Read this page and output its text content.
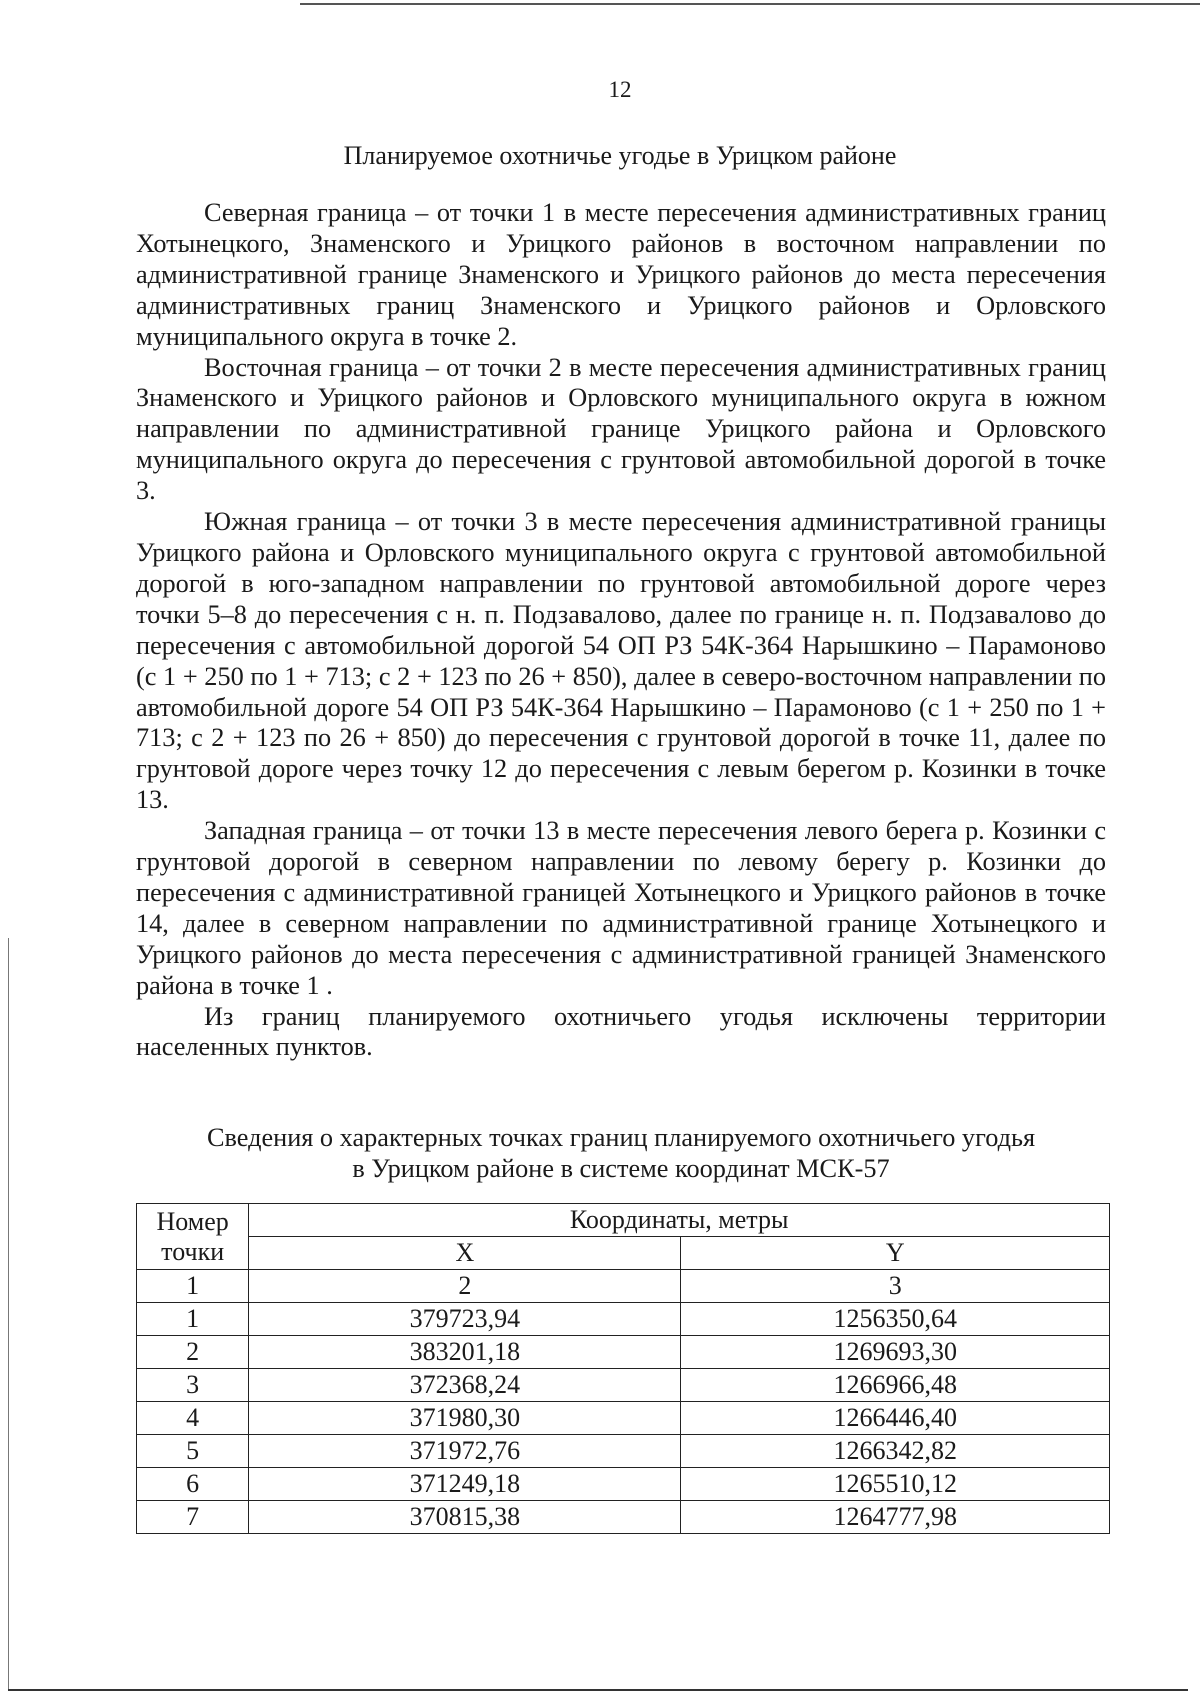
12
Планируемое охотничье угодье в Урицком районе

Северная граница – от точки 1 в месте пересечения административных границ Хотынецкого, Знаменского и Урицкого районов в восточном направлении по административной границе Знаменского и Урицкого районов до места пересечения административных границ Знаменского и Урицкого районов и Орловского муниципального округа в точке 2.

Восточная граница – от точки 2 в месте пересечения административных границ Знаменского и Урицкого районов и Орловского муниципального округа в южном направлении по административной границе Урицкого района и Орловского муниципального округа до пересечения с грунтовой автомобильной дорогой в точке 3.

Южная граница – от точки 3 в месте пересечения административной границы Урицкого района и Орловского муниципального округа с грунтовой автомобильной дорогой в юго-западном направлении по грунтовой автомобильной дороге через точки 5–8 до пересечения с н. п. Подзавалово, далее по границе н. п. Подзавалово до пересечения с автомобильной дорогой 54 ОП РЗ 54К-364 Нарышкино – Парамоново (с 1 + 250 по 1 + 713; с 2 + 123 по 26 + 850), далее в северо-восточном направлении по автомобильной дороге 54 ОП РЗ 54К-364 Нарышкино – Парамоново (с 1 + 250 по 1 + 713; с 2 + 123 по 26 + 850) до пересечения с грунтовой дорогой в точке 11, далее по грунтовой дороге через точку 12 до пересечения с левым берегом р. Козинки в точке 13.

Западная граница – от точки 13 в месте пересечения левого берега р. Козинки с грунтовой дорогой в северном направлении по левому берегу р. Козинки до пересечения с административной границей Хотынецкого и Урицкого районов в точке 14, далее в северном направлении по административной границе Хотынецкого и Урицкого районов до места пересечения с административной границей Знаменского района в точке 1 .

Из границ планируемого охотничьего угодья исключены территории населенных пунктов.

Сведения о характерных точках границ планируемого охотничьего угодья
в Урицком районе в системе координат МСК-57
Номер точки	Координаты, метры	
	X	Y
1	2	3
1	379723,94	1256350,64
2	383201,18	1269693,30
3	372368,24	1266966,48
4	371980,30	1266446,40
5	371972,76	1266342,82
6	371249,18	1265510,12
7	370815,38	1264777,98
